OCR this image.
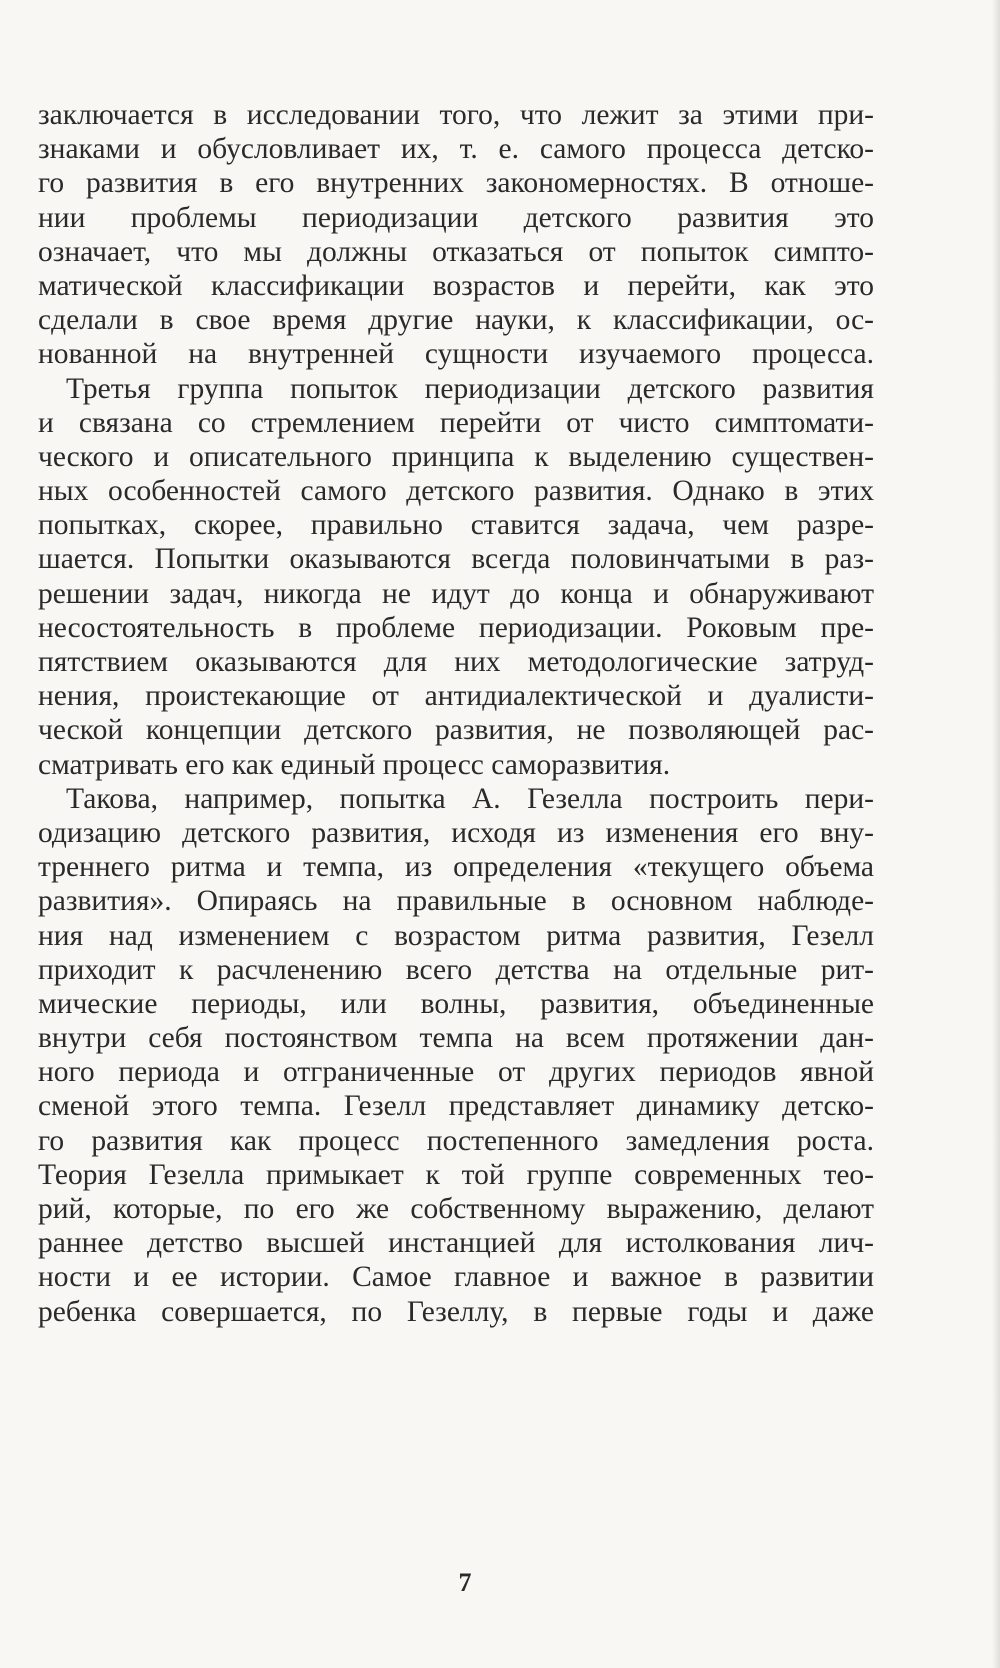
заключается в исследовании того, что лежит за этими при-
знаками и обусловливает их, т. е. самого процесса детско-
го развития в его внутренних закономерностях. В отноше-
нии проблемы периодизации детского развития это
означает, что мы должны отказаться от попыток симпто-
матической классификации возрастов и перейти, как это
сделали в свое время другие науки, к классификации, ос-
нованной на внутренней сущности изучаемого процесса.
Третья группа попыток периодизации детского развития
и связана со стремлением перейти от чисто симптомати-
ческого и описательного принципа к выделению существен-
ных особенностей самого детского развития. Однако в этих
попытках, скорее, правильно ставится задача, чем разре-
шается. Попытки оказываются всегда половинчатыми в раз-
решении задач, никогда не идут до конца и обнаруживают
несостоятельность в проблеме периодизации. Роковым пре-
пятствием оказываются для них методологические затруд-
нения, проистекающие от антидиалектической и дуалисти-
ческой концепции детского развития, не позволяющей рас-
сматривать его как единый процесс саморазвития.
Такова, например, попытка А. Гезелла построить пери-
одизацию детского развития, исходя из изменения его вну-
треннего ритма и темпа, из определения «текущего объема
развития». Опираясь на правильные в основном наблюде-
ния над изменением с возрастом ритма развития, Гезелл
приходит к расчленению всего детства на отдельные рит-
мические периоды, или волны, развития, объединенные
внутри себя постоянством темпа на всем протяжении дан-
ного периода и отграниченные от других периодов явной
сменой этого темпа. Гезелл представляет динамику детско-
го развития как процесс постепенного замедления роста.
Теория Гезелла примыкает к той группе современных тео-
рий, которые, по его же собственному выражению, делают
раннее детство высшей инстанцией для истолкования лич-
ности и ее истории. Самое главное и важное в развитии
ребенка совершается, по Гезеллу, в первые годы и даже
7
